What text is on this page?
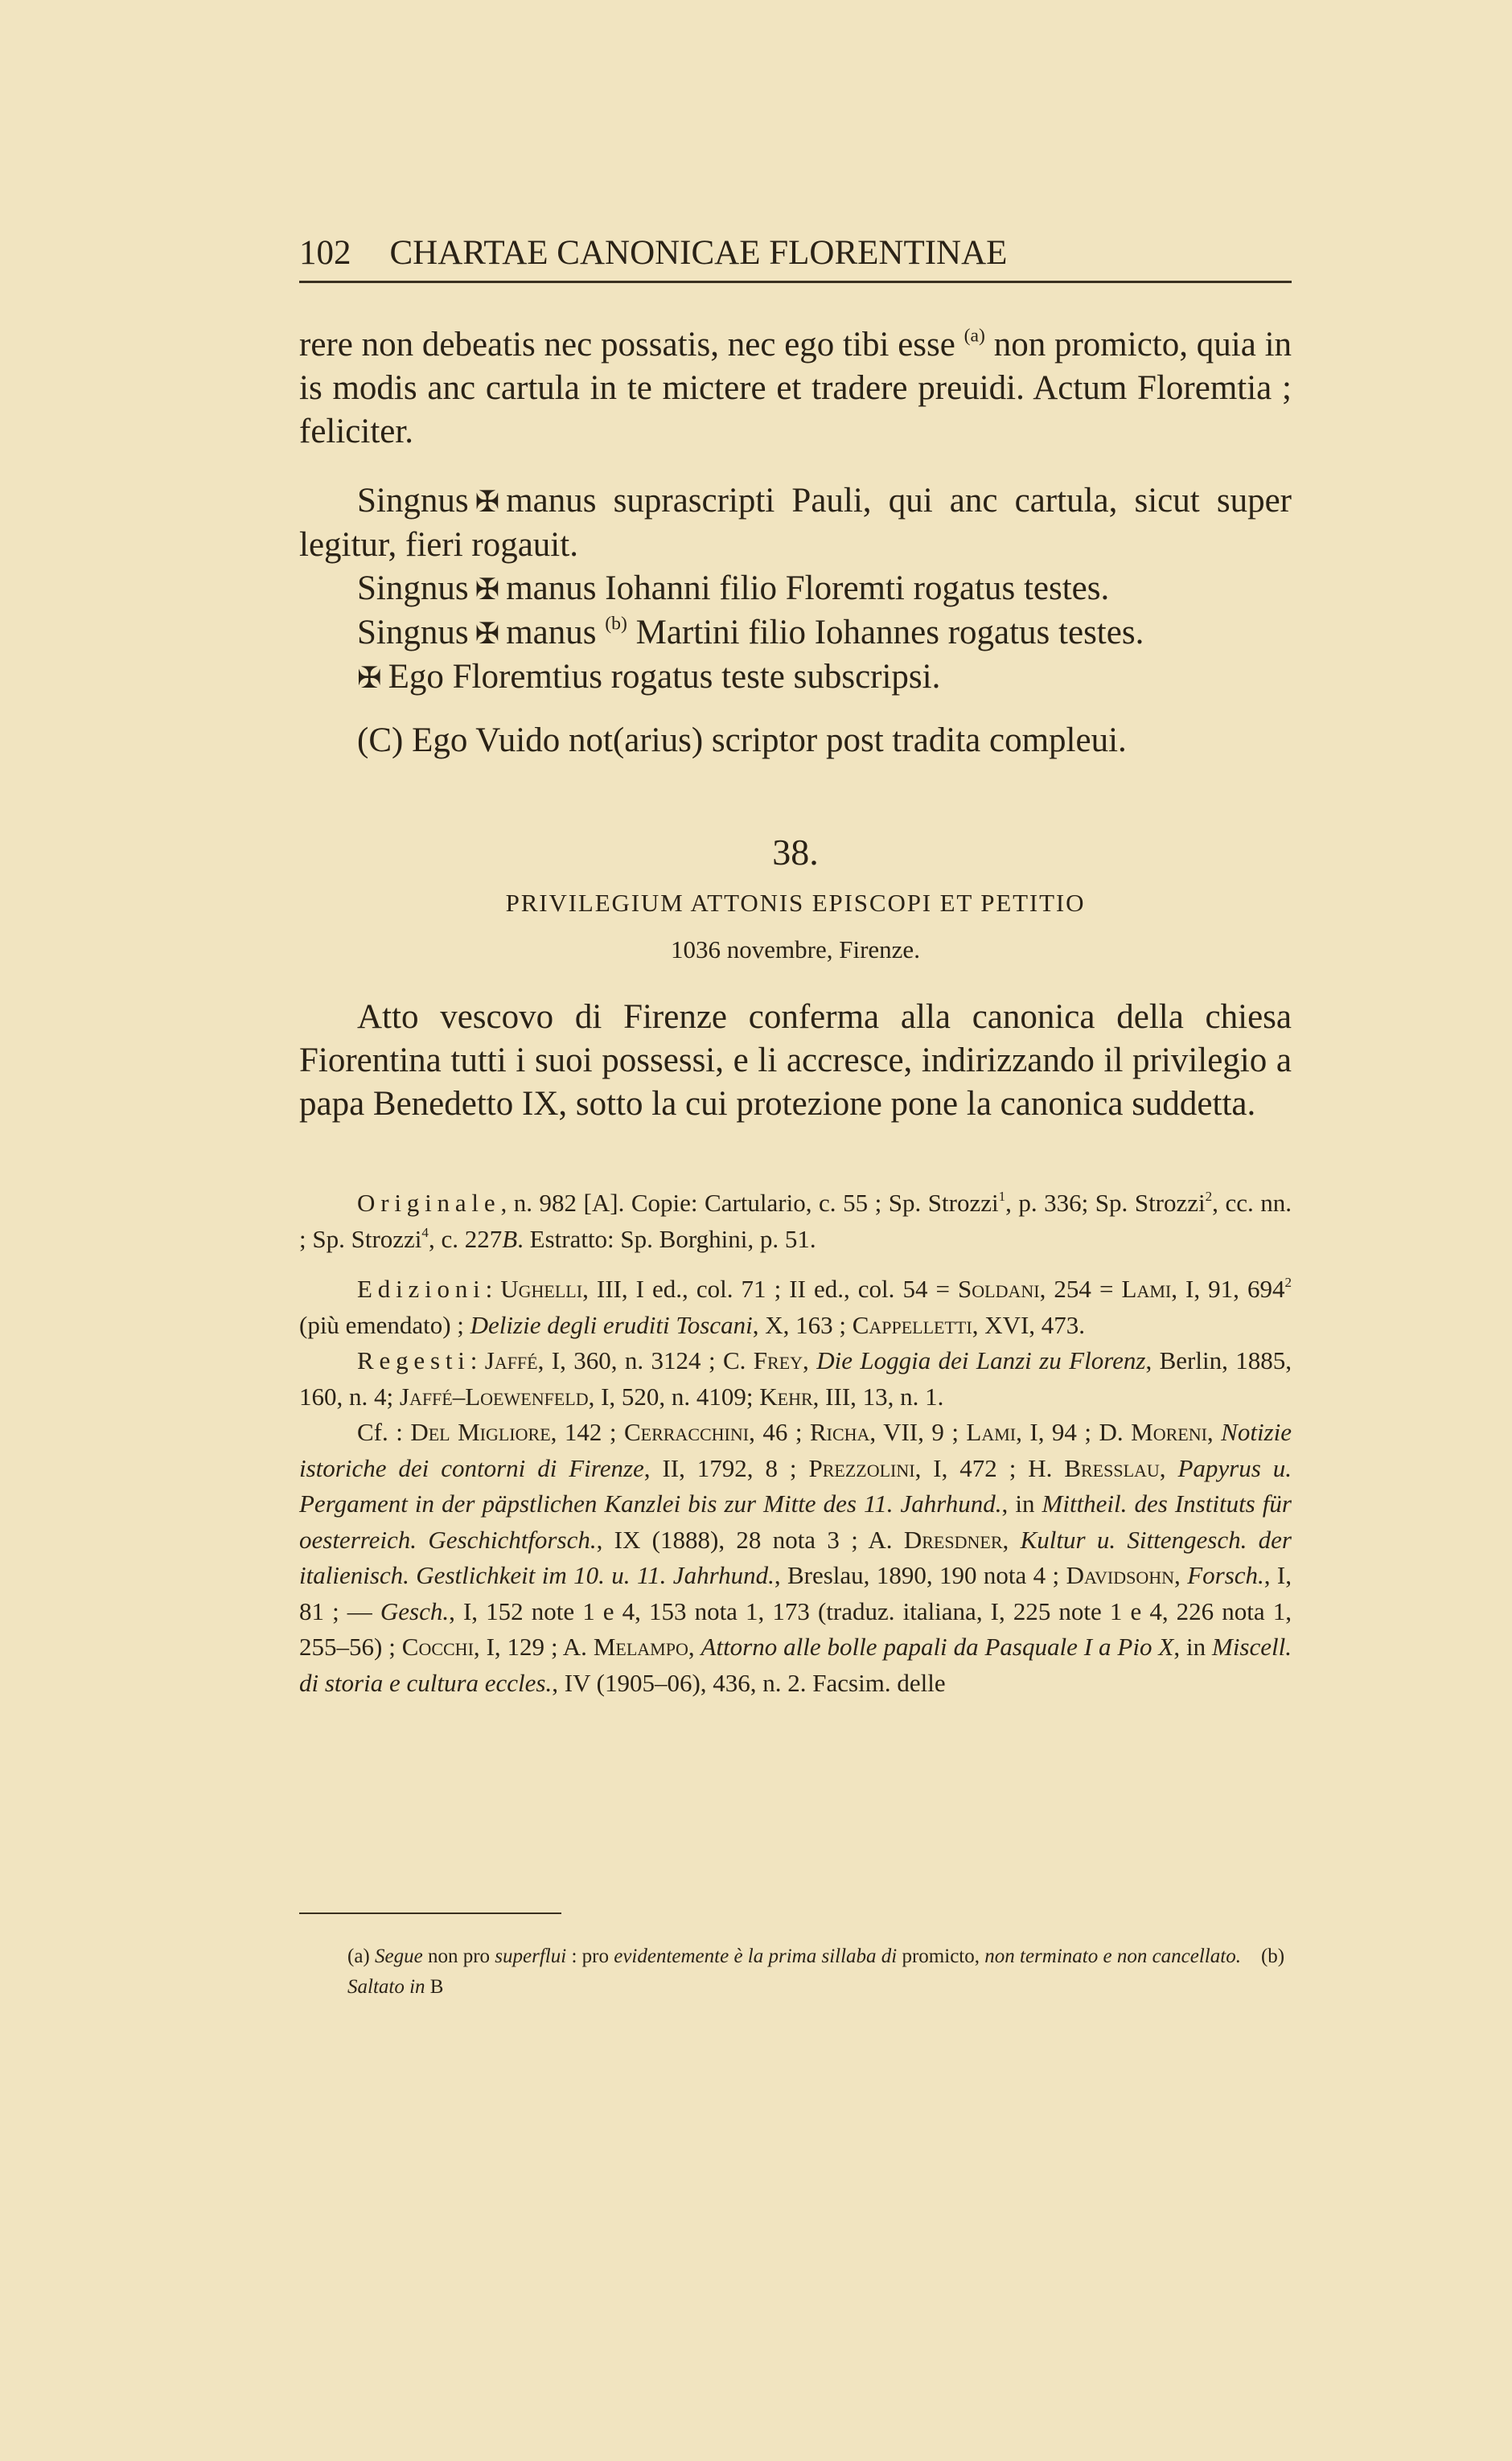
102 CHARTAE CANONICAE FLORENTINAE

rere non debeatis nec possatis, nec ego tibi esse $^{(a)}$ non promicto, quia in is modis anc cartula in te mictere et tradere preuidi. Actum Floremtia ; feliciter.

Singnus ✠ manus suprascripti Pauli, qui anc cartula, sicut super legitur, fieri rogauit.

Singnus ✠ manus Iohanni filio Floremti rogatus testes.

Singnus ✠ manus $^{(b)}$ Martini filio Iohannes rogatus testes.

✠ Ego Floremtius rogatus teste subscripsi.

(C) Ego Vuido not(arius) scriptor post tradita compleui.

38.
PRIVILEGIUM ATTONIS EPISCOPI ET PETITIO
1036 novembre, Firenze.

Atto vescovo di Firenze conferma alla canonica della chiesa Fiorentina tutti i suoi possessi, e li accresce, indirizzando il privilegio a papa Benedetto IX, sotto la cui protezione pone la canonica suddetta.

Originale, n. 982 [A]. Copie: Cartulario, c. 55 ; Sp. Strozzi$^1$, p. 336; Sp. Strozzi$^2$, cc. nn. ; Sp. Strozzi$^4$, c. 227B. Estratto: Sp. Borghini, p. 51.

Edizioni: Ughelli, III, I ed., col. 71 ; II ed., col. 54 = Soldani, 254 = Lami, I, 91, $694^2$ (più emendato) ; Delizie degli eruditi Toscani, X, 163 ; Cappelletti, XVI, 473.

Regesti: Jaffé, I, 360, n. 3124 ; C. Frey, Die Loggia dei Lanzi zu Florenz, Berlin, 1885, 160, n. 4; Jaffé–Loewenfeld, I, 520, n. 4109; Kehr, III, 13, n. 1.

Cf. : Del Migliore, 142 ; Cerracchini, 46 ; Richa, VII, 9 ; Lami, I, 94 ; D. Moreni, Notizie istoriche dei contorni di Firenze, II, 1792, 8 ; Prezzolini, I, 472 ; H. Bresslau, Papyrus u. Pergament in der päpstlichen Kanzlei bis zur Mitte des 11. Jahrhund., in Mittheil. des Instituts für oesterreich. Geschichtforsch., IX (1888), 28 nota 3 ; A. Dresdner, Kultur u. Sittengesch. der italienisch. Gestlichkeit im 10. u. 11. Jahrhund., Breslau, 1890, 190 nota 4 ; Davidsohn, Forsch., I, 81 ; — Gesch., I, 152 note 1 e 4, 153 nota 1, 173 (traduz. italiana, I, 225 note 1 e 4, 226 nota 1, 255–56) ; Cocchi, I, 129 ; A. Melampo, Attorno alle bolle papali da Pasquale I a Pio X, in Miscell. di storia e cultura eccles., IV (1905–06), 436, n. 2. Facsim. delle

(a) Segue non pro superflui : pro evidentemente è la prima sillaba di promicto, non terminato e non cancellato. (b) Saltato in B
